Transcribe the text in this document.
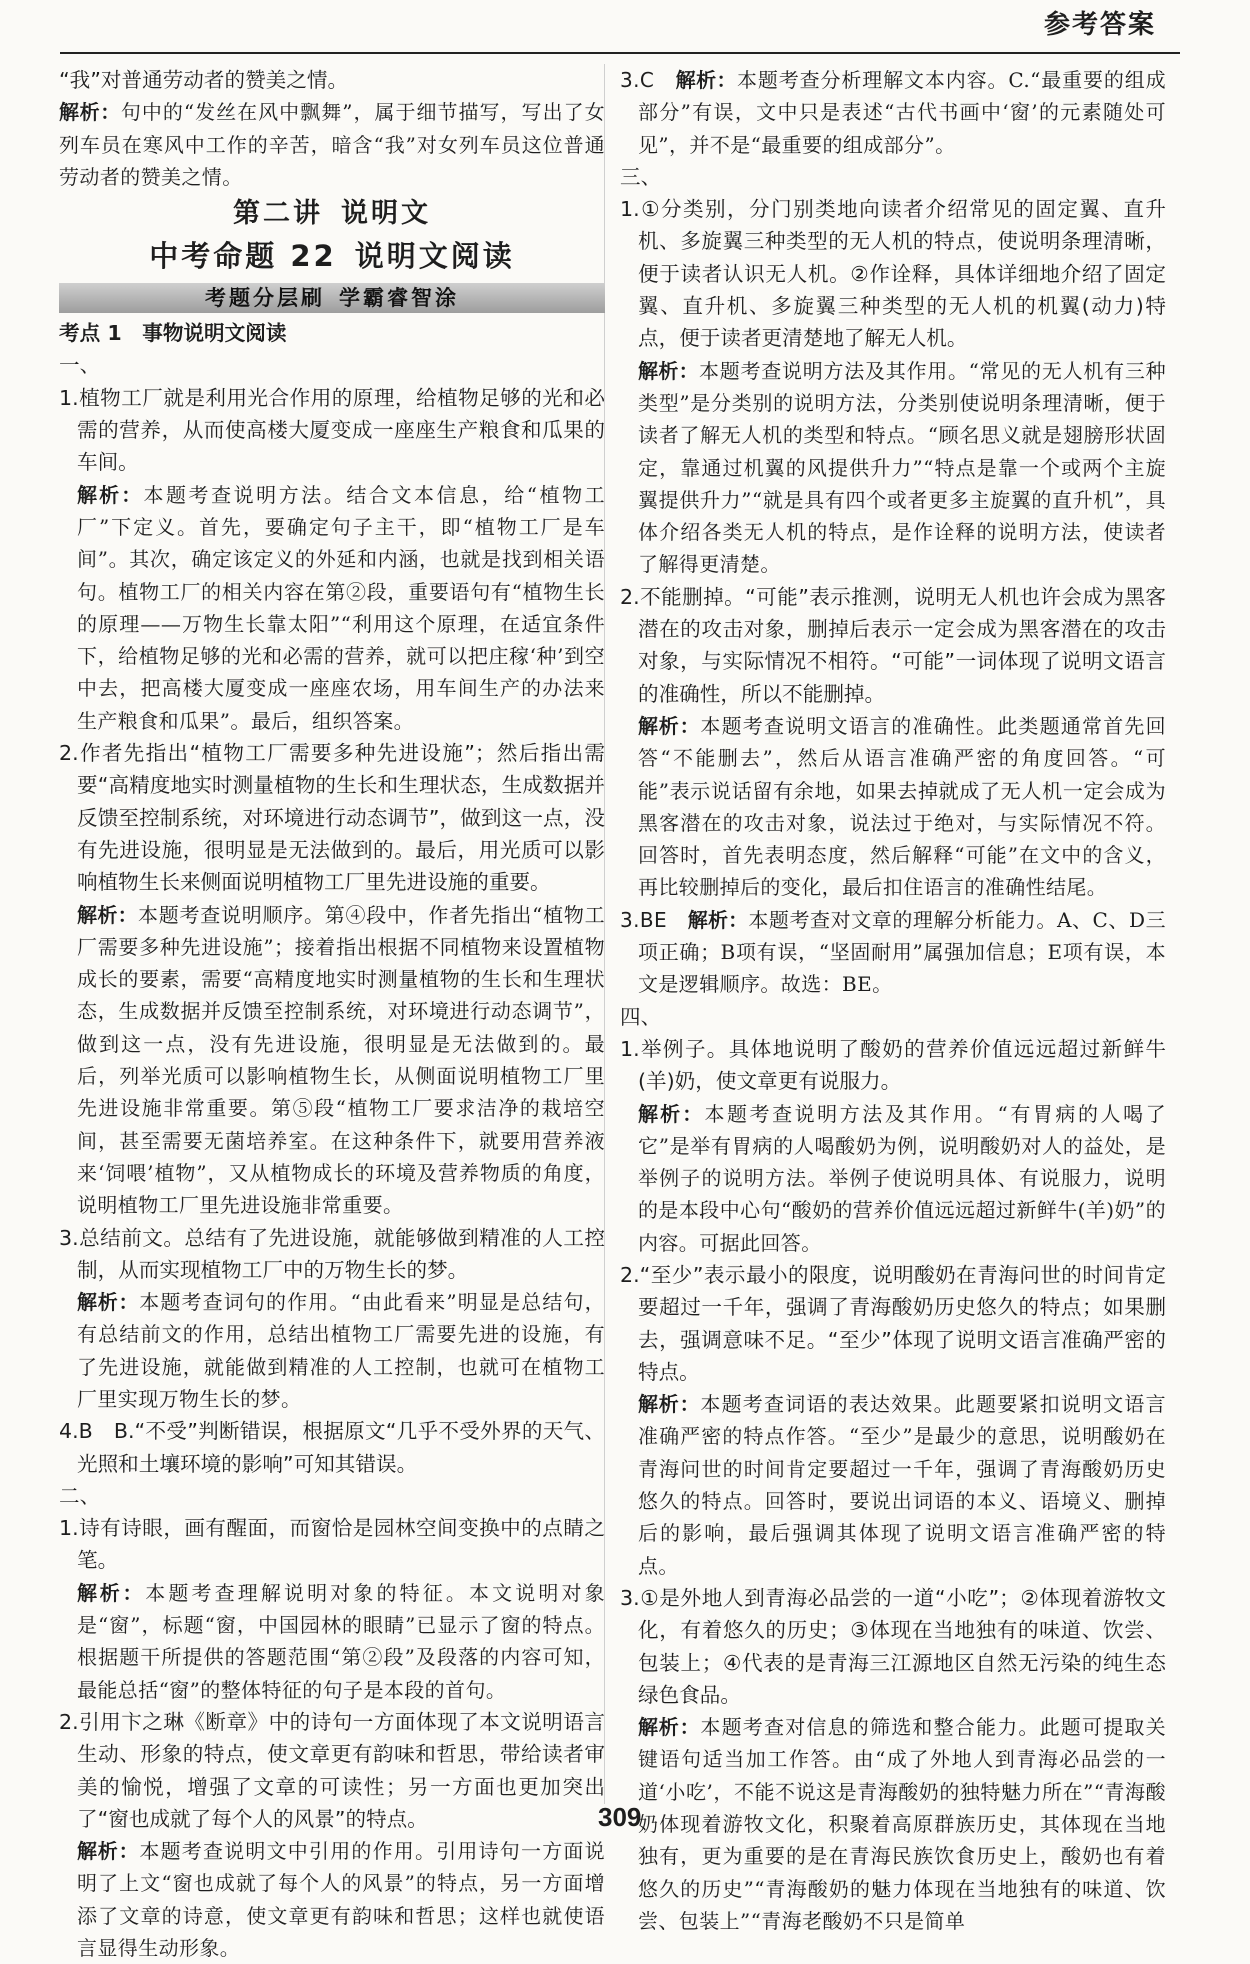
参考答案

“我”对普通劳动者的赞美之情。

解析：句中的“发丝在风中飘舞”，属于细节描写，写出了女列车员在寒风中工作的辛苦，暗含“我”对女列车员这位普通劳动者的赞美之情。

第二讲 说明文

中考命题 22 说明文阅读

考题分层刷 学霸睿智涂

考点 1　事物说明文阅读

一、

1.植物工厂就是利用光合作用的原理，给植物足够的光和必需的营养，从而使高楼大厦变成一座座生产粮食和瓜果的车间。

解析：本题考查说明方法。结合文本信息，给“植物工厂”下定义。首先，要确定句子主干，即“植物工厂是车间”。其次，确定该定义的外延和内涵，也就是找到相关语句。植物工厂的相关内容在第②段，重要语句有“植物生长的原理——万物生长靠太阳”“利用这个原理，在适宜条件下，给植物足够的光和必需的营养，就可以把庄稼‘种’到空中去，把高楼大厦变成一座座农场，用车间生产的办法来生产粮食和瓜果”。最后，组织答案。

2.作者先指出“植物工厂需要多种先进设施”；然后指出需要“高精度地实时测量植物的生长和生理状态，生成数据并反馈至控制系统，对环境进行动态调节”，做到这一点，没有先进设施，很明显是无法做到的。最后，用光质可以影响植物生长来侧面说明植物工厂里先进设施的重要。

解析：本题考查说明顺序。第④段中，作者先指出“植物工厂需要多种先进设施”；接着指出根据不同植物来设置植物成长的要素，需要“高精度地实时测量植物的生长和生理状态，生成数据并反馈至控制系统，对环境进行动态调节”，做到这一点，没有先进设施，很明显是无法做到的。最后，列举光质可以影响植物生长，从侧面说明植物工厂里先进设施非常重要。第⑤段“植物工厂要求洁净的栽培空间，甚至需要无菌培养室。在这种条件下，就要用营养液来‘饲喂’植物”，又从植物成长的环境及营养物质的角度，说明植物工厂里先进设施非常重要。

3.总结前文。总结有了先进设施，就能够做到精准的人工控制，从而实现植物工厂中的万物生长的梦。

解析：本题考查词句的作用。“由此看来”明显是总结句，有总结前文的作用，总结出植物工厂需要先进的设施，有了先进设施，就能做到精准的人工控制，也就可在植物工厂里实现万物生长的梦。

4.B　B.“不受”判断错误，根据原文“几乎不受外界的天气、光照和土壤环境的影响”可知其错误。

二、

1.诗有诗眼，画有醒面，而窗恰是园林空间变换中的点睛之笔。

解析：本题考查理解说明对象的特征。本文说明对象是“窗”，标题“窗，中国园林的眼睛”已显示了窗的特点。根据题干所提供的答题范围“第②段”及段落的内容可知，最能总括“窗”的整体特征的句子是本段的首句。

2.引用卞之琳《断章》中的诗句一方面体现了本文说明语言生动、形象的特点，使文章更有韵味和哲思，带给读者审美的愉悦，增强了文章的可读性；另一方面也更加突出了“窗也成就了每个人的风景”的特点。

解析：本题考查说明文中引用的作用。引用诗句一方面说明了上文“窗也成就了每个人的风景”的特点，另一方面增添了文章的诗意，使文章更有韵味和哲思；这样也就使语言显得生动形象。

3.C　 解析：本题考查分析理解文本内容。C.“最重要的组成部分”有误，文中只是表述“古代书画中‘窗’的元素随处可见”，并不是“最重要的组成部分”。

三、

1.①分类别，分门别类地向读者介绍常见的固定翼、直升机、多旋翼三种类型的无人机的特点，使说明条理清晰，便于读者认识无人机。②作诠释，具体详细地介绍了固定翼、直升机、多旋翼三种类型的无人机的机翼(动力)特点，便于读者更清楚地了解无人机。

解析：本题考查说明方法及其作用。“常见的无人机有三种类型”是分类别的说明方法，分类别使说明条理清晰，便于读者了解无人机的类型和特点。“顾名思义就是翅膀形状固定，靠通过机翼的风提供升力”“特点是靠一个或两个主旋翼提供升力”“就是具有四个或者更多主旋翼的直升机”，具体介绍各类无人机的特点，是作诠释的说明方法，使读者了解得更清楚。

2.不能删掉。“可能”表示推测，说明无人机也许会成为黑客潜在的攻击对象，删掉后表示一定会成为黑客潜在的攻击对象，与实际情况不相符。“可能”一词体现了说明文语言的准确性，所以不能删掉。

解析：本题考查说明文语言的准确性。此类题通常首先回答“不能删去”，然后从语言准确严密的角度回答。“可能”表示说话留有余地，如果去掉就成了无人机一定会成为黑客潜在的攻击对象，说法过于绝对，与实际情况不符。回答时，首先表明态度，然后解释“可能”在文中的含义，再比较删掉后的变化，最后扣住语言的准确性结尾。

3.BE　 解析：本题考查对文章的理解分析能力。A、C、D三项正确；B项有误，“坚固耐用”属强加信息；E项有误，本文是逻辑顺序。故选：BE。

四、

1.举例子。具体地说明了酸奶的营养价值远远超过新鲜牛(羊)奶，使文章更有说服力。

解析：本题考查说明方法及其作用。“有胃病的人喝了它”是举有胃病的人喝酸奶为例，说明酸奶对人的益处，是举例子的说明方法。举例子使说明具体、有说服力，说明的是本段中心句“酸奶的营养价值远远超过新鲜牛(羊)奶”的内容。可据此回答。

2.“至少”表示最小的限度，说明酸奶在青海问世的时间肯定要超过一千年，强调了青海酸奶历史悠久的特点；如果删去，强调意味不足。“至少”体现了说明文语言准确严密的特点。

解析：本题考查词语的表达效果。此题要紧扣说明文语言准确严密的特点作答。“至少”是最少的意思，说明酸奶在青海问世的时间肯定要超过一千年，强调了青海酸奶历史悠久的特点。回答时，要说出词语的本义、语境义、删掉后的影响，最后强调其体现了说明文语言准确严密的特点。

3.①是外地人到青海必品尝的一道“小吃”；②体现着游牧文化，有着悠久的历史；③体现在当地独有的味道、饮尝、包装上；④代表的是青海三江源地区自然无污染的纯生态绿色食品。

解析：本题考查对信息的筛选和整合能力。此题可提取关键语句适当加工作答。由“成了外地人到青海必品尝的一道‘小吃’，不能不说这是青海酸奶的独特魅力所在”“青海酸奶体现着游牧文化，积聚着高原群族历史，其体现在当地独有，更为重要的是在青海民族饮食历史上，酸奶也有着悠久的历史”“青海酸奶的魅力体现在当地独有的味道、饮尝、包装上”“青海老酸奶不只是简单

309
